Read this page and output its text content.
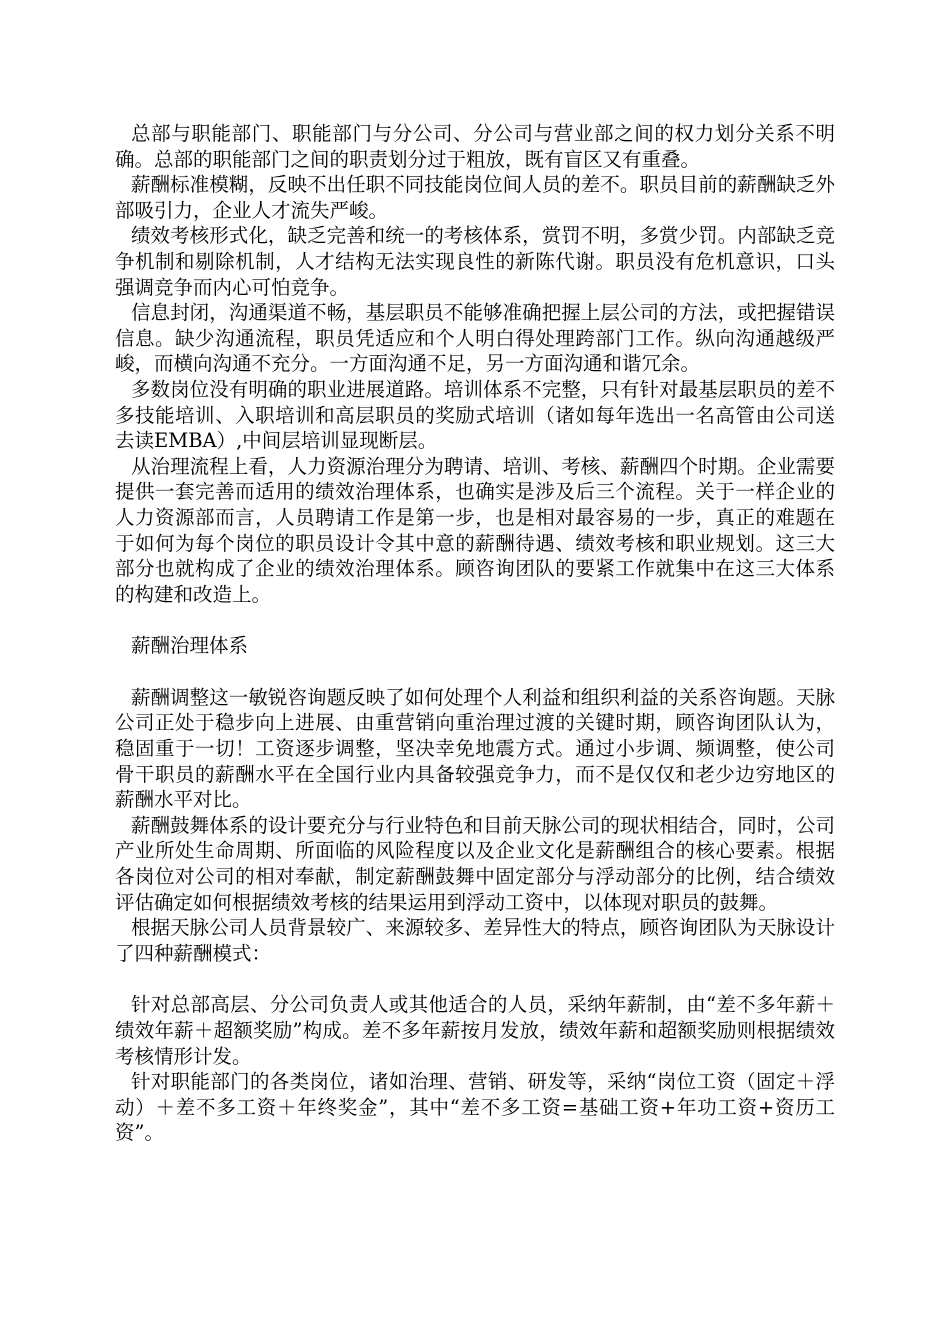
总部与职能部门、职能部门与分公司、分公司与营业部之间的权力划分关系不明确。总部的职能部门之间的职责划分过于粗放，既有盲区又有重叠。

薪酬标准模糊，反映不出任职不同技能岗位间人员的差不。职员目前的薪酬缺乏外部吸引力，企业人才流失严峻。

绩效考核形式化，缺乏完善和统一的考核体系，赏罚不明，多赏少罚。内部缺乏竞争机制和剔除机制，人才结构无法实现良性的新陈代谢。职员没有危机意识，口头强调竞争而内心可怕竞争。

信息封闭，沟通渠道不畅，基层职员不能够准确把握上层公司的方法，或把握错误信息。缺少沟通流程，职员凭适应和个人明白得处理跨部门工作。纵向沟通越级严峻，而横向沟通不充分。一方面沟通不足，另一方面沟通和谐冗余。

多数岗位没有明确的职业进展道路。培训体系不完整，只有针对最基层职员的差不多技能培训、入职培训和高层职员的奖励式培训（诸如每年选出一名高管由公司送去读EMBA）,中间层培训显现断层。

从治理流程上看，人力资源治理分为聘请、培训、考核、薪酬四个时期。企业需要提供一套完善而适用的绩效治理体系，也确实是涉及后三个流程。关于一样企业的人力资源部而言，人员聘请工作是第一步，也是相对最容易的一步，真正的难题在于如何为每个岗位的职员设计令其中意的薪酬待遇、绩效考核和职业规划。这三大部分也就构成了企业的绩效治理体系。顾咨询团队的要紧工作就集中在这三大体系的构建和改造上。

薪酬治理体系

薪酬调整这一敏锐咨询题反映了如何处理个人利益和组织利益的关系咨询题。天脉公司正处于稳步向上进展、由重营销向重治理过渡的关键时期，顾咨询团队认为，稳固重于一切！工资逐步调整，坚决幸免地震方式。通过小步调、频调整，使公司骨干职员的薪酬水平在全国行业内具备较强竞争力，而不是仅仅和老少边穷地区的薪酬水平对比。

薪酬鼓舞体系的设计要充分与行业特色和目前天脉公司的现状相结合，同时，公司产业所处生命周期、所面临的风险程度以及企业文化是薪酬组合的核心要素。根据各岗位对公司的相对奉献，制定薪酬鼓舞中固定部分与浮动部分的比例，结合绩效评估确定如何根据绩效考核的结果运用到浮动工资中，以体现对职员的鼓舞。

根据天脉公司人员背景较广、来源较多、差异性大的特点，顾咨询团队为天脉设计了四种薪酬模式：

针对总部高层、分公司负责人或其他适合的人员，采纳年薪制，由“差不多年薪＋绩效年薪＋超额奖励”构成。差不多年薪按月发放，绩效年薪和超额奖励则根据绩效考核情形计发。

针对职能部门的各类岗位，诸如治理、营销、研发等，采纳“岗位工资（固定＋浮动）＋差不多工资＋年终奖金”，其中“差不多工资=基础工资+年功工资+资历工资”。
